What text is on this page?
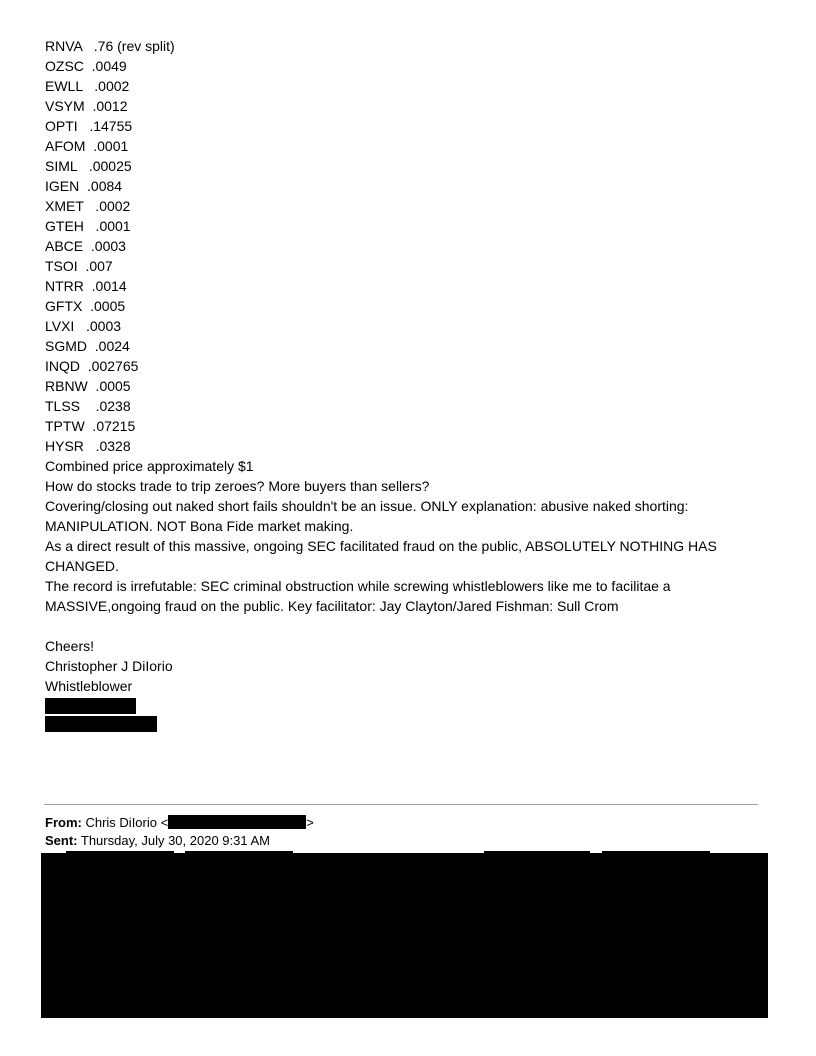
RNVA   .76 (rev split)
OZSC  .0049
EWLL   .0002
VSYM  .0012
OPTI   .14755
AFOM  .0001
SIML   .00025
IGEN  .0084
XMET   .0002
GTEH   .0001
ABCE  .0003
TSOI  .007
NTRR  .0014
GFTX  .0005
LVXI   .0003
SGMD  .0024
INQD  .002765
RBNW  .0005
TLSS    .0238
TPTW  .07215
HYSR   .0328
Combined price approximately $1
How do stocks trade to trip zeroes? More buyers than sellers?
Covering/closing out naked short fails shouldn't be an issue. ONLY explanation: abusive naked shorting: MANIPULATION. NOT Bona Fide market making.
As a direct result of this massive, ongoing SEC facilitated fraud on the public, ABSOLUTELY NOTHING HAS CHANGED.
The record is irrefutable: SEC criminal obstruction while screwing whistleblowers like me to facilitae a MASSIVE,ongoing fraud on the public. Key facilitator: Jay Clayton/Jared Fishman: Sull Crom

Cheers!
Christopher J DiIorio
Whistleblower
From: Chris DiIorio <	>
Sent: Thursday, July 30, 2020 9:31 AM
